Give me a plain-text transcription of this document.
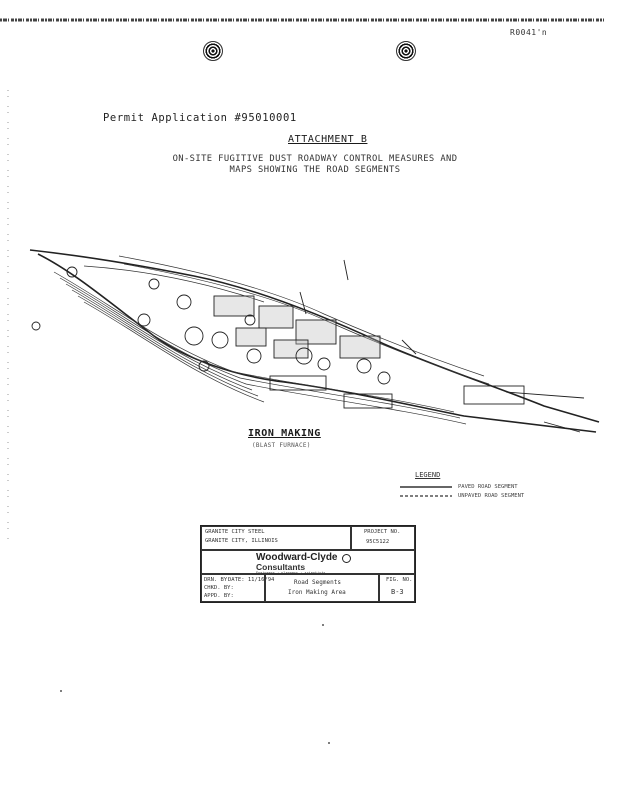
R0041'n
Permit Application #95010001
ATTACHMENT B
ON-SITE FUGITIVE DUST ROADWAY CONTROL MEASURES AND
MAPS SHOWING THE ROAD SEGMENTS
IRON MAKING
(BLAST FURNACE)
LEGEND
PAVED ROAD SEGMENT
UNPAVED ROAD SEGMENT
GRANITE CITY STEEL
GRANITE CITY, ILLINOIS
PROJECT NO.
95C5122
Woodward-Clyde
Consultants
Engineers · planners · scientists
DRN. BY:
DATE: 11/16/94
CHKD. BY:
APPD. BY:
Road Segments
Iron Making Area
FIG. NO.
B-3
